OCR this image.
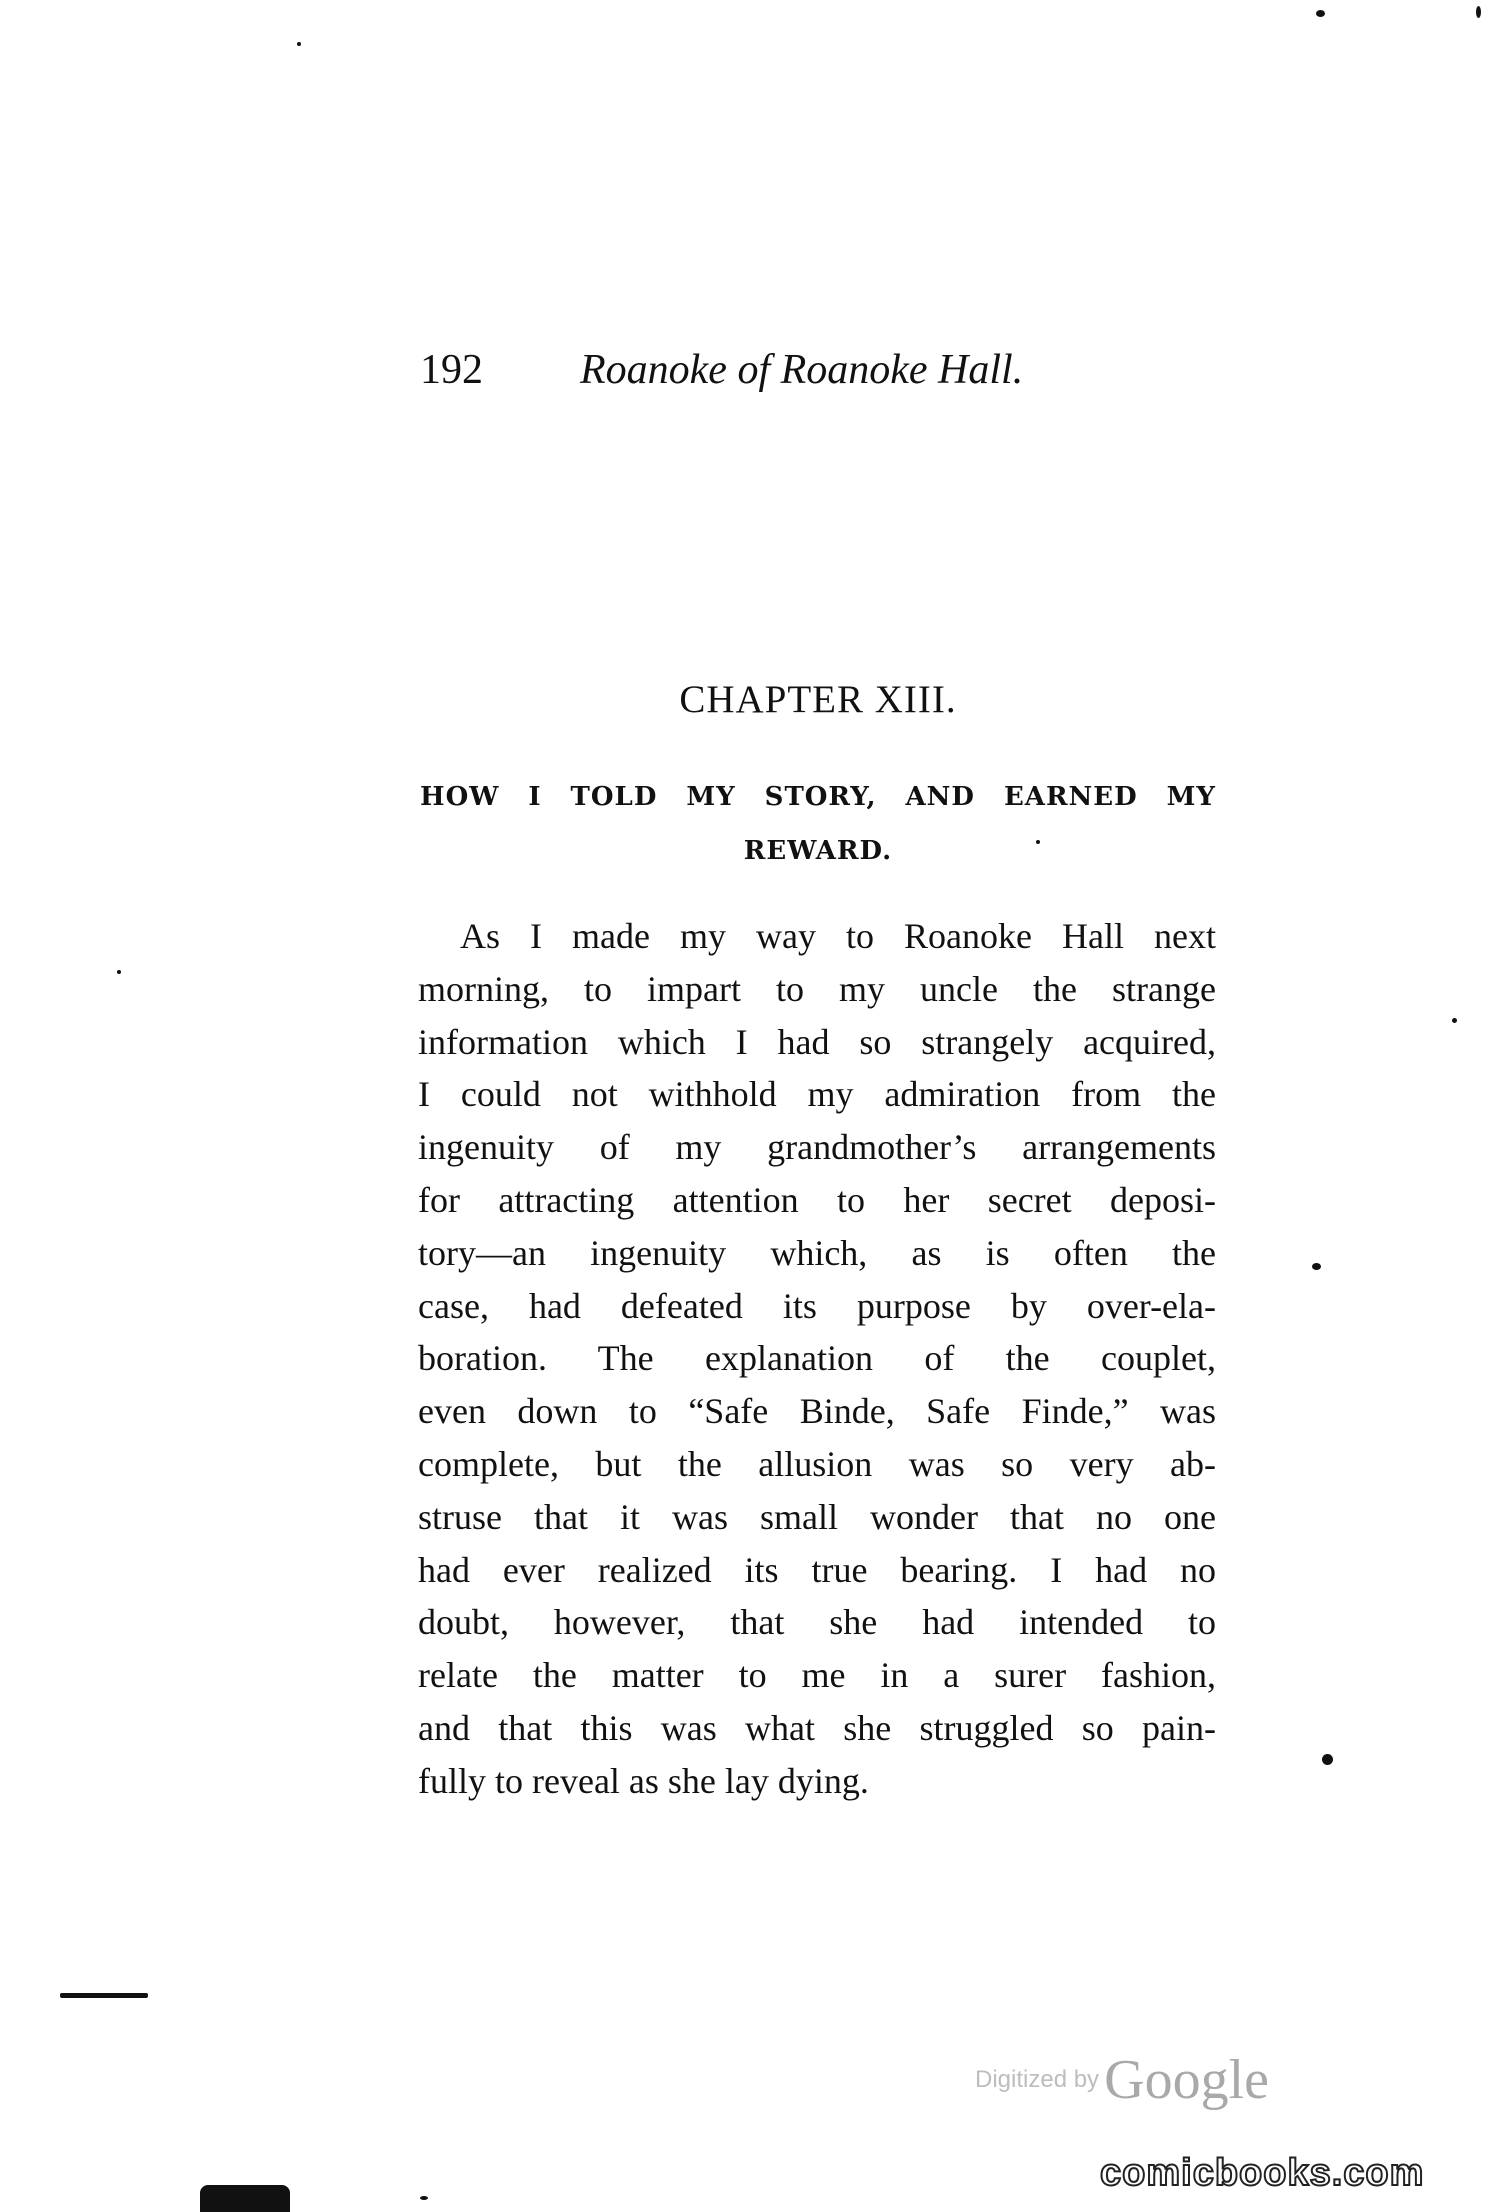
192 Roanoke of Roanoke Hall.
CHAPTER XIII.
HOW I TOLD MY STORY, AND EARNED MY
REWARD.
As I made my way to Roanoke Hall next
morning, to impart to my uncle the strange
information which I had so strangely acquired,
I could not withhold my admiration from the
ingenuity of my grandmother’s arrangements
for attracting attention to her secret deposi-
tory—an ingenuity which, as is often the
case, had defeated its purpose by over-ela-
boration. The explanation of the couplet,
even down to “Safe Binde, Safe Finde,” was
complete, but the allusion was so very ab-
struse that it was small wonder that no one
had ever realized its true bearing. I had no
doubt, however, that she had intended to
relate the matter to me in a surer fashion,
and that this was what she struggled so pain-
fully to reveal as she lay dying.
Digitized by Google
comicbooks.com
